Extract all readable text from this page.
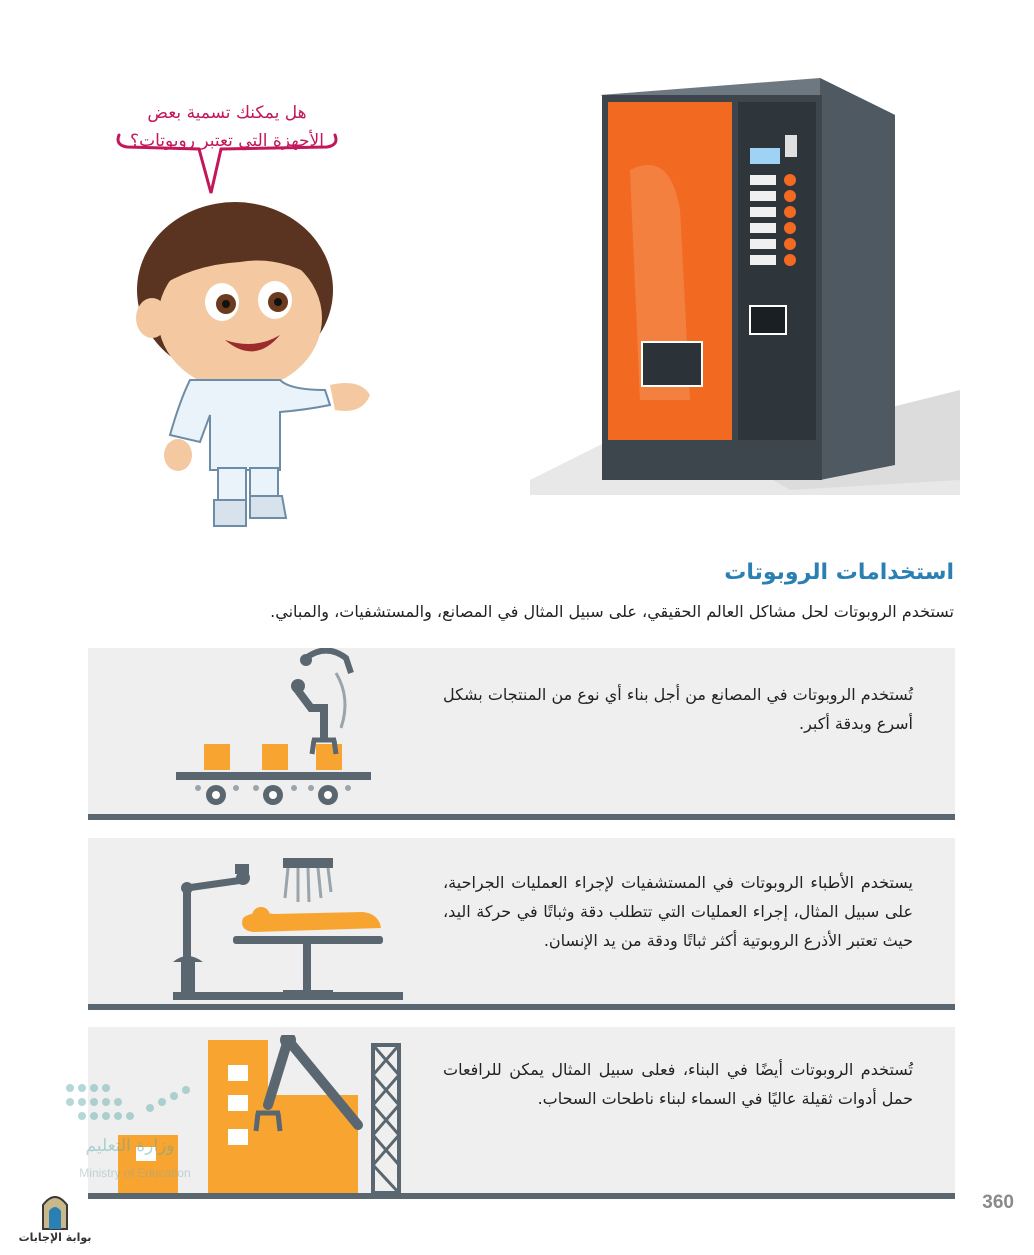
هل يمكنك تسمية بعض
الأجهزة التي تعتبر روبوتات؟
استخدامات الروبوتات
تستخدم الروبوتات لحل مشاكل العالم الحقيقي، على سبيل المثال في المصانع، والمستشفيات، والمباني.
تُستخدم الروبوتات في المصانع من أجل بناء أي نوع من المنتجات بشكل أسرع وبدقة أكبر.
يستخدم الأطباء الروبوتات في المستشفيات لإجراء العمليات الجراحية، على سبيل المثال، إجراء العمليات التي تتطلب دقة وثباتًا في حركة اليد، حيث تعتبر الأذرع الروبوتية أكثر ثباتًا ودقة من يد الإنسان.
تُستخدم الروبوتات أيضًا في البناء، فعلى سبيل المثال يمكن للرافعات حمل أدوات ثقيلة عاليًا في السماء لبناء ناطحات السحاب.
وزارة التعليم
Ministry of Education
بوابة الإجابات
360
